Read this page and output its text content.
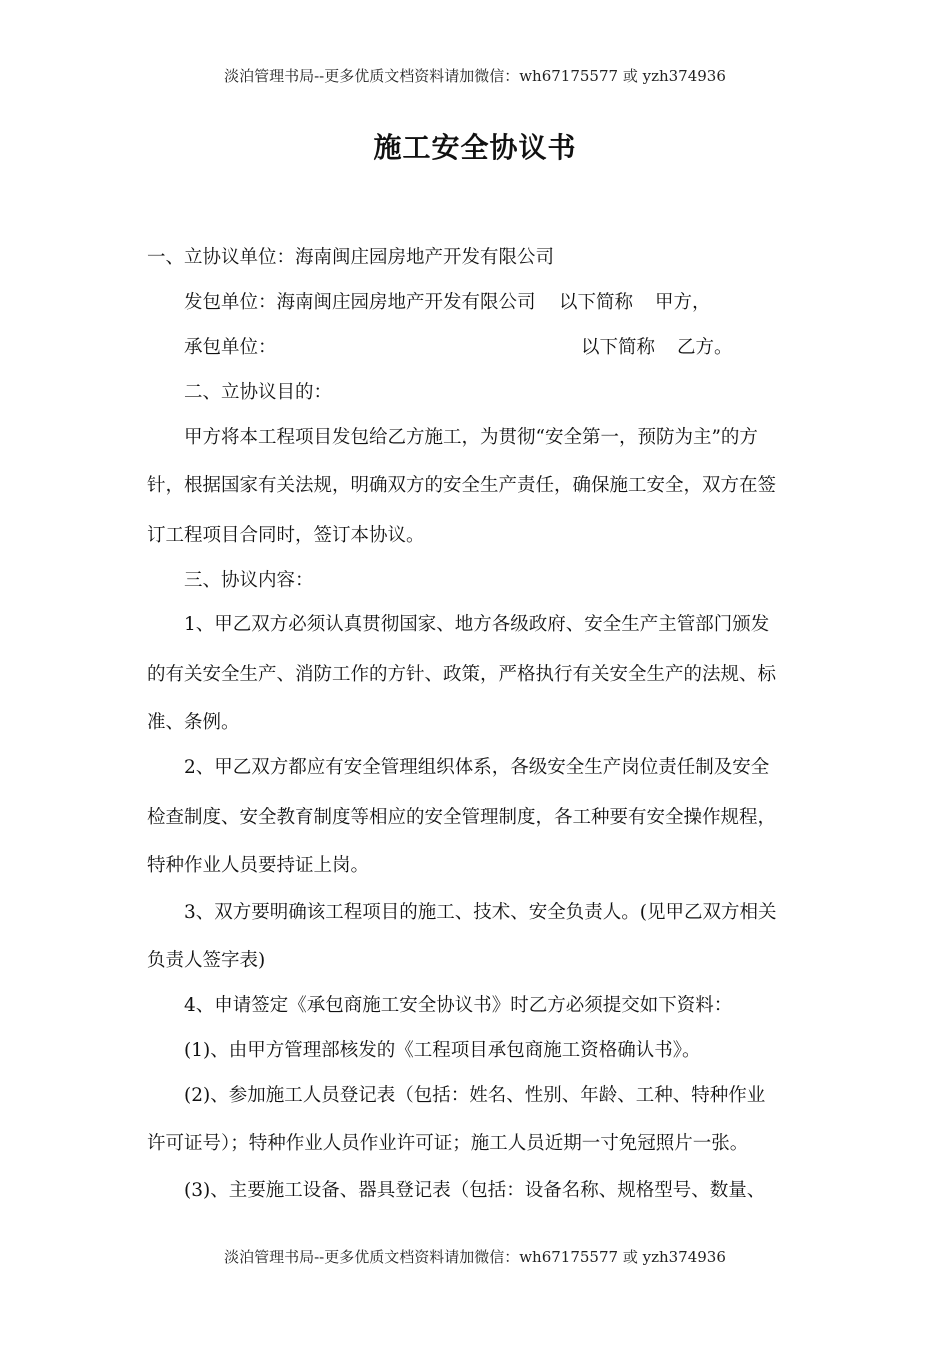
淡泊管理书局--更多优质文档资料请加微信：wh67175577 或 yzh374936
施工安全协议书

一、立协议单位：海南闽庄园房地产开发有限公司

发包单位：海南闽庄园房地产开发有限公司	以下简称 甲方，

承包单位：	以下简称 乙方。

二、立协议目的：

甲方将本工程项目发包给乙方施工，为贯彻“安全第一，预防为主”的方

针，根据国家有关法规，明确双方的安全生产责任，确保施工安全，双方在签

订工程项目合同时，签订本协议。

三、协议内容：

1、甲乙双方必须认真贯彻国家、地方各级政府、安全生产主管部门颁发

的有关安全生产、消防工作的方针、政策，严格执行有关安全生产的法规、标

准、条例。

2、甲乙双方都应有安全管理组织体系，各级安全生产岗位责任制及安全

检查制度、安全教育制度等相应的安全管理制度，各工种要有安全操作规程，

特种作业人员要持证上岗。

3、双方要明确该工程项目的施工、技术、安全负责人。(见甲乙双方相关

负责人签字表)

4、申请签定《承包商施工安全协议书》时乙方必须提交如下资料：

(1)、由甲方管理部核发的《工程项目承包商施工资格确认书》。

(2)、参加施工人员登记表（包括：姓名、性别、年龄、工种、特种作业

许可证号）；特种作业人员作业许可证；施工人员近期一寸免冠照片一张。

(3)、主要施工设备、器具登记表（包括：设备名称、规格型号、数量、

淡泊管理书局--更多优质文档资料请加微信：wh67175577 或 yzh374936
